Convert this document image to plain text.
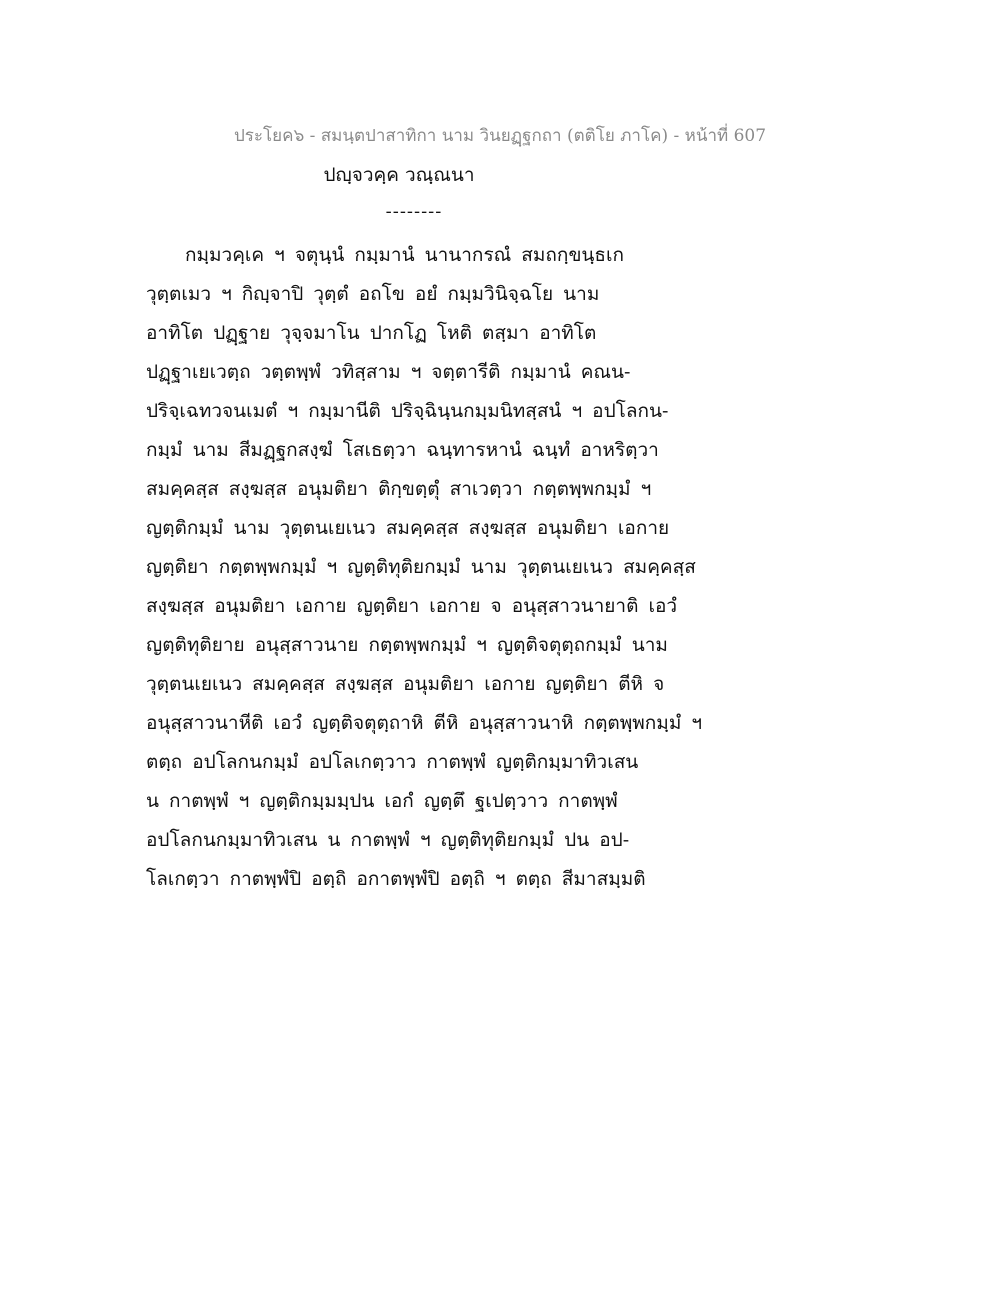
ประโยค๖ - สมนฺตปาสาทิกา นาม วินยฏฺฐกถา (ตติโย ภาโค) - หน้าที่ 607
ปญฺจวคฺค วณฺณนา
--------
กมฺมวคฺเค ฯ จตุนฺนํ กมฺมานํ นานากรณํ สมถกฺขนฺธเก
วุตฺตเมว ฯ กิญฺจาปิ วุตฺตํ อถโข อยํ กมฺมวินิจฺฉโย นาม
อาทิโต ปฏฺฐาย วุจฺจมาโน ปากโฏ โหติ ตสฺมา อาทิโต
ปฏฺฐาเยเวตฺถ วตฺตพฺพํ วทิสฺสาม ฯ จตฺตารีติ กมฺมานํ คณน-
ปริจฺเฉทวจนเมตํ ฯ กมฺมานีติ ปริจฺฉินฺนกมฺมนิทสฺสนํ ฯ อปโลกน-
กมฺมํ นาม สีมฏฺฐกสงฺฆํ โสเธตฺวา ฉนฺทารหานํ ฉนฺทํ อาหริตฺวา
สมคฺคสฺส สงฺฆสฺส อนุมติยา ติกฺขตฺตุํ สาเวตฺวา กตฺตพฺพกมฺมํ ฯ
ญตฺติกมฺมํ นาม วุตฺตนเยเนว สมคฺคสฺส สงฺฆสฺส อนุมติยา เอกาย
ญตฺติยา กตฺตพฺพกมฺมํ ฯ ญตฺติทุติยกมฺมํ นาม วุตฺตนเยเนว สมคฺคสฺส
สงฺฆสฺส อนุมติยา เอกาย ญตฺติยา เอกาย จ อนุสฺสาวนายาติ เอวํ
ญตฺติทุติยาย อนุสฺสาวนาย กตฺตพฺพกมฺมํ ฯ ญตฺติจตุตฺถกมฺมํ นาม
วุตฺตนเยเนว สมคฺคสฺส สงฺฆสฺส อนุมติยา เอกาย ญตฺติยา ตีหิ จ
อนุสฺสาวนาหีติ เอวํ ญตฺติจตุตฺถาหิ ตีหิ อนุสฺสาวนาหิ กตฺตพฺพกมฺมํ ฯ
ตตฺถ อปโลกนกมฺมํ อปโลเกตฺวาว กาตพฺพํ ญตฺติกมฺมาทิวเสน
น กาตพฺพํ ฯ ญตฺติกมฺมมฺปน เอกํ ญตฺตึ ฐเปตฺวาว กาตพฺพํ
อปโลกนกมฺมาทิวเสน น กาตพฺพํ ฯ ญตฺติทุติยกมฺมํ ปน อป-
โลเกตฺวา กาตพฺพํปิ อตฺถิ อกาตพฺพํปิ อตฺถิ ฯ ตตฺถ สีมาสมฺมติ
